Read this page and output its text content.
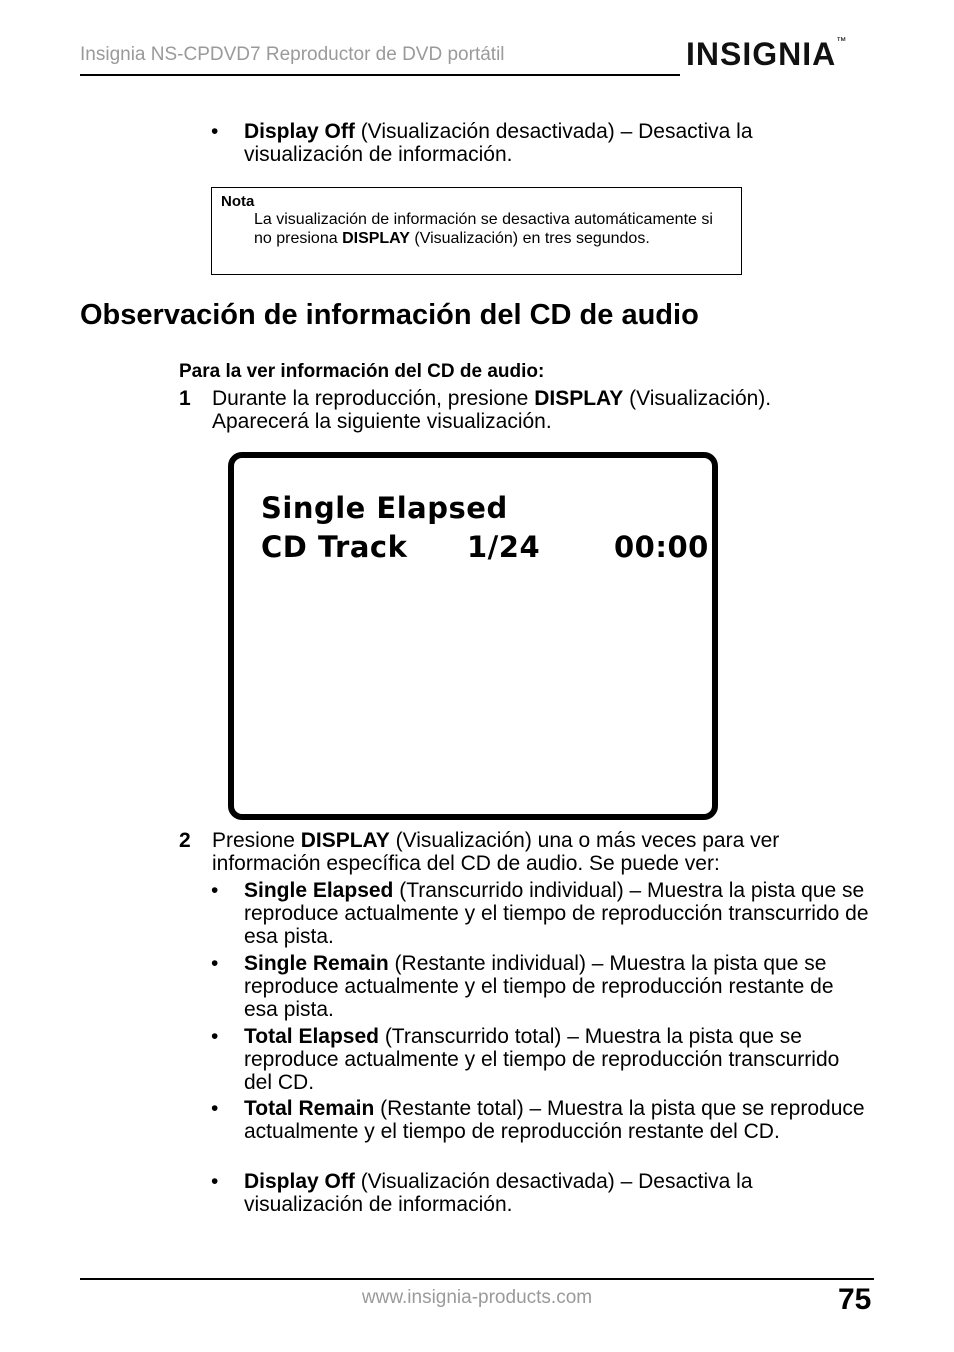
Insignia NS-CPDVD7 Reproductor de DVD portátil	INSIGNIA™
•	Display Off (Visualización desactivada) – Desactiva la visualización de información.
Nota
La visualización de información se desactiva automáticamente si no presiona DISPLAY (Visualización) en tres segundos.
Observación de información del CD de audio
Para la ver información del CD de audio:
1	Durante la reproducción, presione DISPLAY (Visualización). Aparecerá la siguiente visualización.
Single Elapsed
CD Track 1/24	00:00
2	Presione DISPLAY (Visualización) una o más veces para ver información específica del CD de audio. Se puede ver:
•	Single Elapsed (Transcurrido individual) – Muestra la pista que se reproduce actualmente y el tiempo de reproducción transcurrido de esa pista.
•	Single Remain (Restante individual) – Muestra la pista que se reproduce actualmente y el tiempo de reproducción restante de esa pista.
•	Total Elapsed (Transcurrido total) – Muestra la pista que se reproduce actualmente y el tiempo de reproducción transcurrido del CD.
•	Total Remain (Restante total) – Muestra la pista que se reproduce actualmente y el tiempo de reproducción restante del CD.
•	Display Off (Visualización desactivada) – Desactiva la visualización de información.
www.insignia-products.com	75
